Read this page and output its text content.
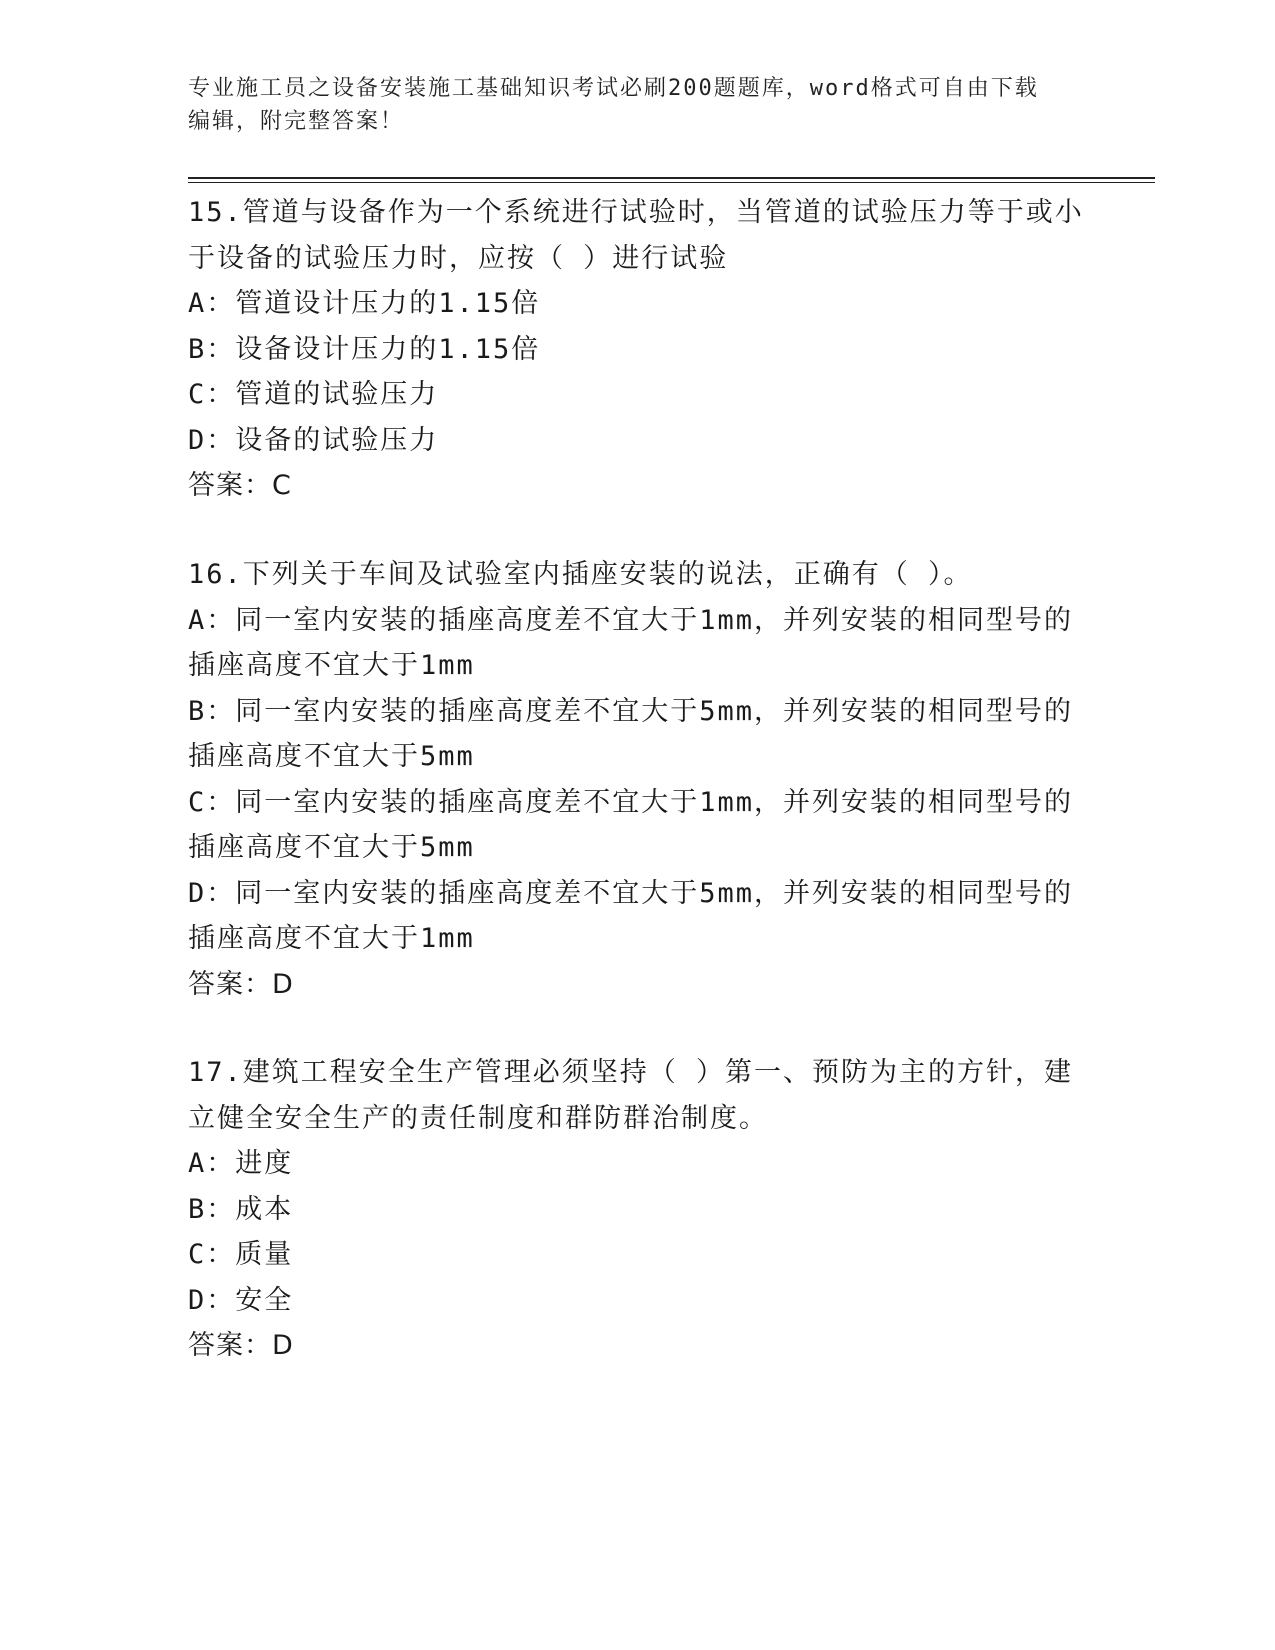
专业施工员之设备安装施工基础知识考试必刷200题题库，word格式可自由下载
编辑，附完整答案！
15.管道与设备作为一个系统进行试验时，当管道的试验压力等于或小
于设备的试验压力时，应按（ ）进行试验
A：管道设计压力的1.15倍
B：设备设计压力的1.15倍
C：管道的试验压力
D：设备的试验压力
答案：C
16.下列关于车间及试验室内插座安装的说法，正确有（ ）。
A：同一室内安装的插座高度差不宜大于1mm，并列安装的相同型号的
插座高度不宜大于1mm
B：同一室内安装的插座高度差不宜大于5mm，并列安装的相同型号的
插座高度不宜大于5mm
C：同一室内安装的插座高度差不宜大于1mm，并列安装的相同型号的
插座高度不宜大于5mm
D：同一室内安装的插座高度差不宜大于5mm，并列安装的相同型号的
插座高度不宜大于1mm
答案：D
17.建筑工程安全生产管理必须坚持（ ）第一、预防为主的方针，建
立健全安全生产的责任制度和群防群治制度。
A：进度
B：成本
C：质量
D：安全
答案：D
